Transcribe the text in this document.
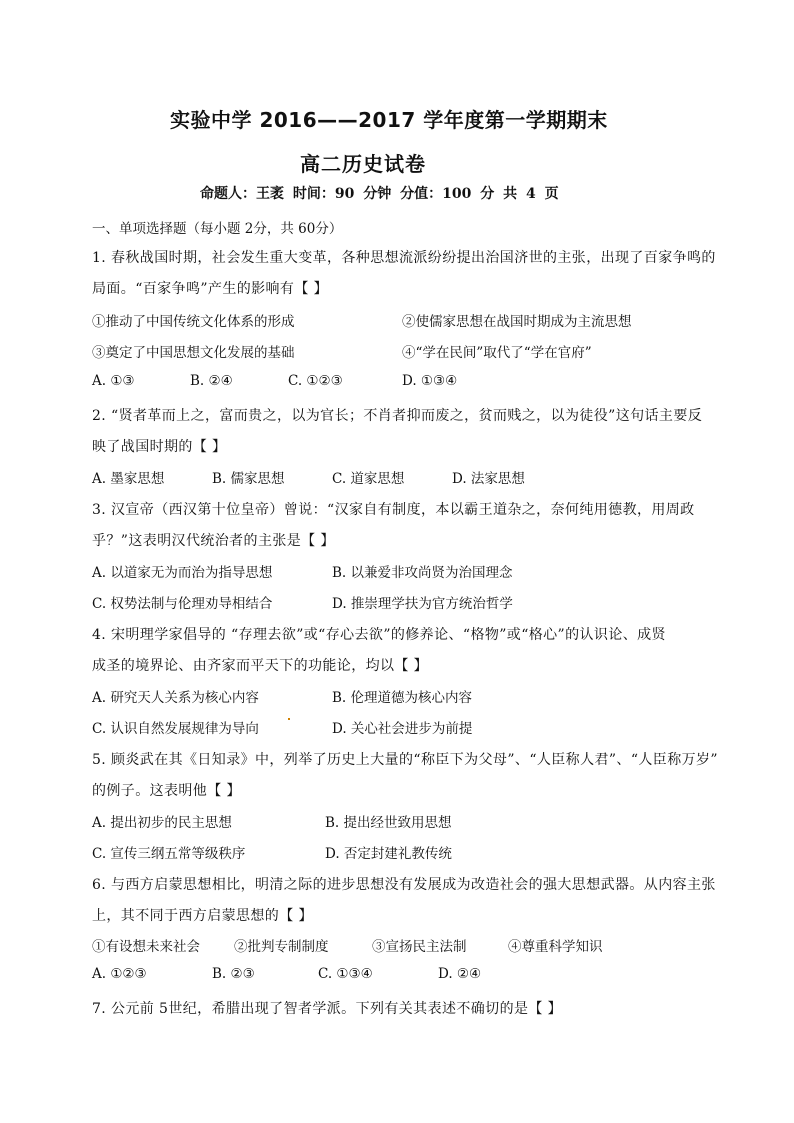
实验中学 2016——2017 学年度第一学期期末
高二历史试卷
命题人：王袤 时间：90 分钟 分值：100 分 共 4 页
一、单项选择题（每小题 2分，共 60分）
1. 春秋战国时期，社会发生重大变革，各种思想流派纷纷提出治国济世的主张，出现了百家争鸣的
局面。“百家争鸣”产生的影响有【 】
①推动了中国传统文化体系的形成	②使儒家思想在战国时期成为主流思想
③奠定了中国思想文化发展的基础	④“学在民间”取代了“学在官府”
A. ①③	B. ②④	C. ①②③	D. ①③④
2. “贤者革而上之，富而贵之，以为官长；不肖者抑而废之，贫而贱之，以为徒役”这句话主要反
映了战国时期的【 】
A. 墨家思想	B. 儒家思想	C. 道家思想	D. 法家思想
3. 汉宣帝（西汉第十位皇帝）曾说：“汉家自有制度，本以霸王道杂之，奈何纯用德教，用周政
乎？”这表明汉代统治者的主张是【 】
A. 以道家无为而治为指导思想	B. 以兼爱非攻尚贤为治国理念
C. 权势法制与伦理劝导相结合	D. 推崇理学扶为官方统治哲学
4. 宋明理学家倡导的 “存理去欲”或“存心去欲”的修养论、“格物”或“格心”的认识论、成贤
成圣的境界论、由齐家而平天下的功能论，均以【 】
A. 研究天人关系为核心内容	B. 伦理道德为核心内容
C. 认识自然发展规律为导向	D. 关心社会进步为前提
5. 顾炎武在其《日知录》中，列举了历史上大量的“称臣下为父母”、“人臣称人君”、“人臣称万岁”
的例子。这表明他【 】
A. 提出初步的民主思想	B. 提出经世致用思想
C. 宣传三纲五常等级秩序	D. 否定封建礼教传统
6. 与西方启蒙思想相比，明清之际的进步思想没有发展成为改造社会的强大思想武器。从内容主张
上，其不同于西方启蒙思想的【 】
①有设想未来社会	②批判专制制度	③宣扬民主法制	④尊重科学知识
A. ①②③	B. ②③	C. ①③④	D. ②④
7. 公元前 5世纪，希腊出现了智者学派。下列有关其表述不确切的是【 】
